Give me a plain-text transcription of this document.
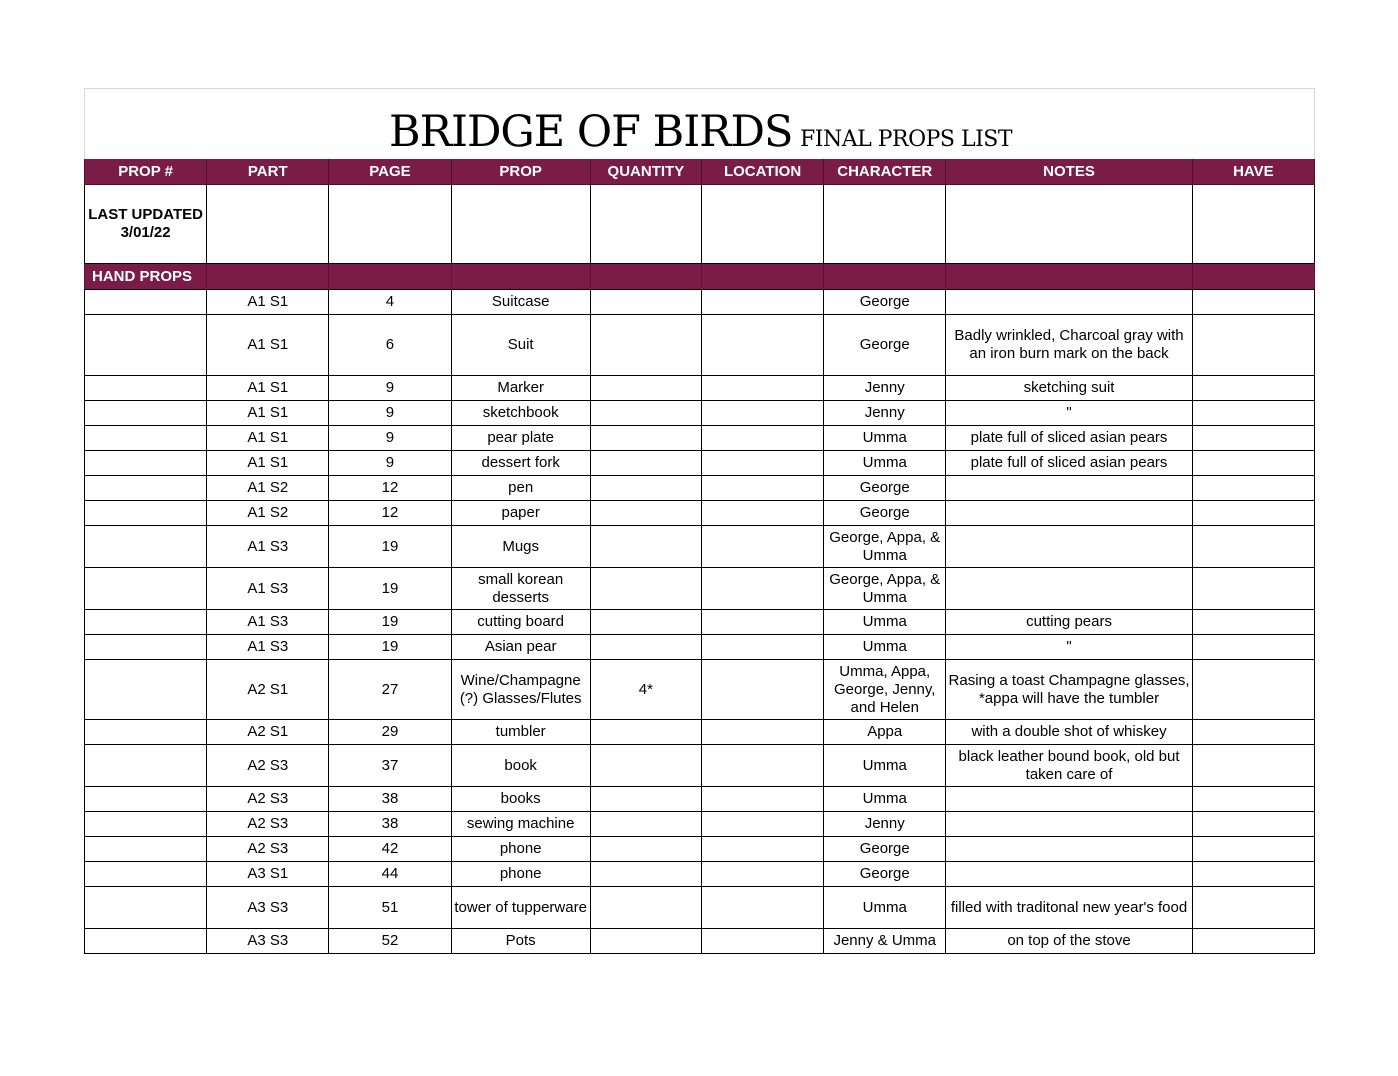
BRIDGE OF BIRDS FINAL PROPS LIST
PROP #	PART	PAGE	PROP	QUANTITY	LOCATION	CHARACTER	NOTES	HAVE
LAST UPDATED 3/01/22								
HAND PROPS								
	A1 S1	4	Suitcase			George		
	A1 S1	6	Suit			George	Badly wrinkled, Charcoal gray with an iron burn mark on the back	
	A1 S1	9	Marker			Jenny	sketching suit	
	A1 S1	9	sketchbook			Jenny	"	
	A1 S1	9	pear plate			Umma	plate full of sliced asian pears	
	A1 S1	9	dessert fork			Umma	plate full of sliced asian pears	
	A1 S2	12	pen			George		
	A1 S2	12	paper			George		
	A1 S3	19	Mugs			George, Appa, & Umma		
	A1 S3	19	small korean desserts			George, Appa, & Umma		
	A1 S3	19	cutting board			Umma	cutting pears	
	A1 S3	19	Asian pear			Umma	"	
	A2 S1	27	Wine/Champagne (?) Glasses/Flutes	4*		Umma, Appa, George, Jenny, and Helen	Rasing a toast Champagne glasses, *appa will have the tumbler	
	A2 S1	29	tumbler			Appa	with a double shot of whiskey	
	A2 S3	37	book			Umma	black leather bound book, old but taken care of	
	A2 S3	38	books			Umma		
	A2 S3	38	sewing machine			Jenny		
	A2 S3	42	phone			George		
	A3 S1	44	phone			George		
	A3 S3	51	tower of tupperware			Umma	filled with traditonal new year's food	
	A3 S3	52	Pots			Jenny & Umma	on top of the stove	
